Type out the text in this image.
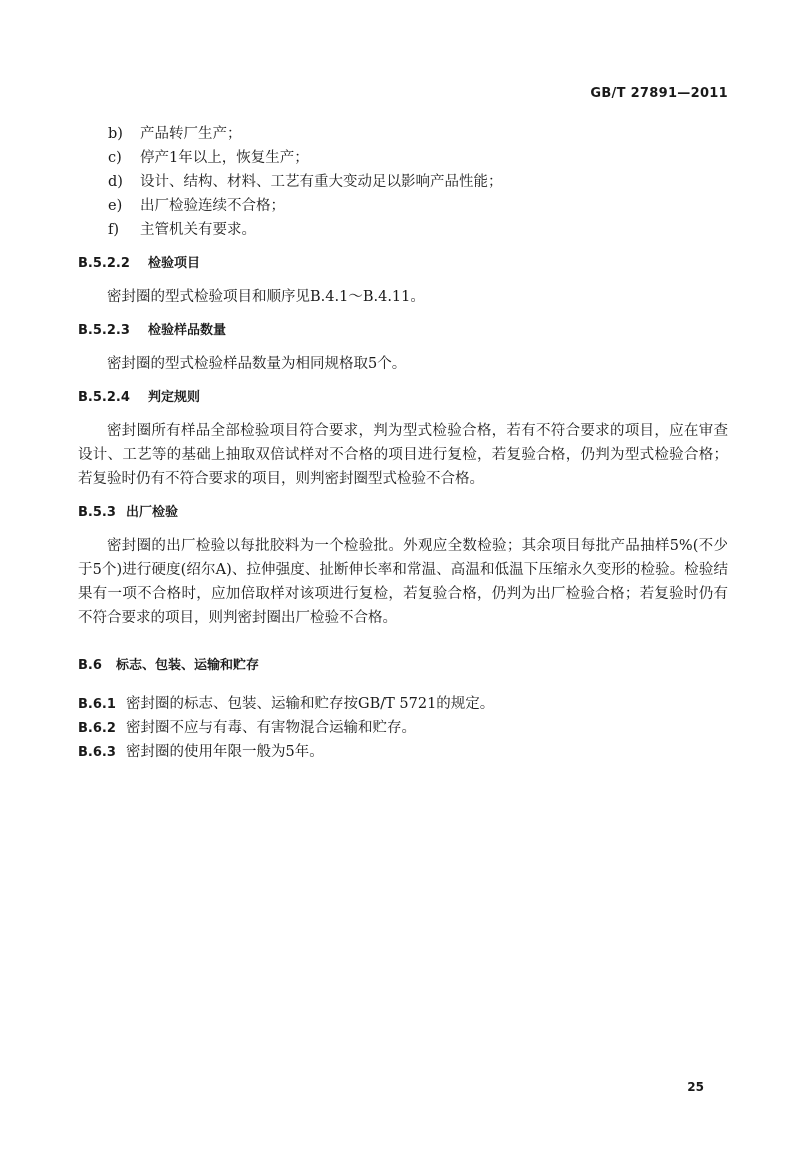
GB/T 27891—2011
b)	产品转厂生产；
c)	停产1年以上，恢复生产；
d)	设计、结构、材料、工艺有重大变动足以影响产品性能；
e)	出厂检验连续不合格；
f)	主管机关有要求。
B.5.2.2 检验项目
密封圈的型式检验项目和顺序见B.4.1～B.4.11。
B.5.2.3 检验样品数量
密封圈的型式检验样品数量为相同规格取5个。
B.5.2.4 判定规则
密封圈所有样品全部检验项目符合要求，判为型式检验合格，若有不符合要求的项目，应在审查设计、工艺等的基础上抽取双倍试样对不合格的项目进行复检，若复验合格，仍判为型式检验合格；若复验时仍有不符合要求的项目，则判密封圈型式检验不合格。
B.5.3 出厂检验
密封圈的出厂检验以每批胶料为一个检验批。外观应全数检验；其余项目每批产品抽样5%(不少于5个)进行硬度(绍尔A)、拉伸强度、扯断伸长率和常温、高温和低温下压缩永久变形的检验。检验结果有一项不合格时，应加倍取样对该项进行复检，若复验合格，仍判为出厂检验合格；若复验时仍有不符合要求的项目，则判密封圈出厂检验不合格。
B.6 标志、包装、运输和贮存
B.6.1 密封圈的标志、包装、运输和贮存按GB/T 5721的规定。
B.6.2 密封圈不应与有毒、有害物混合运输和贮存。
B.6.3 密封圈的使用年限一般为5年。
25
